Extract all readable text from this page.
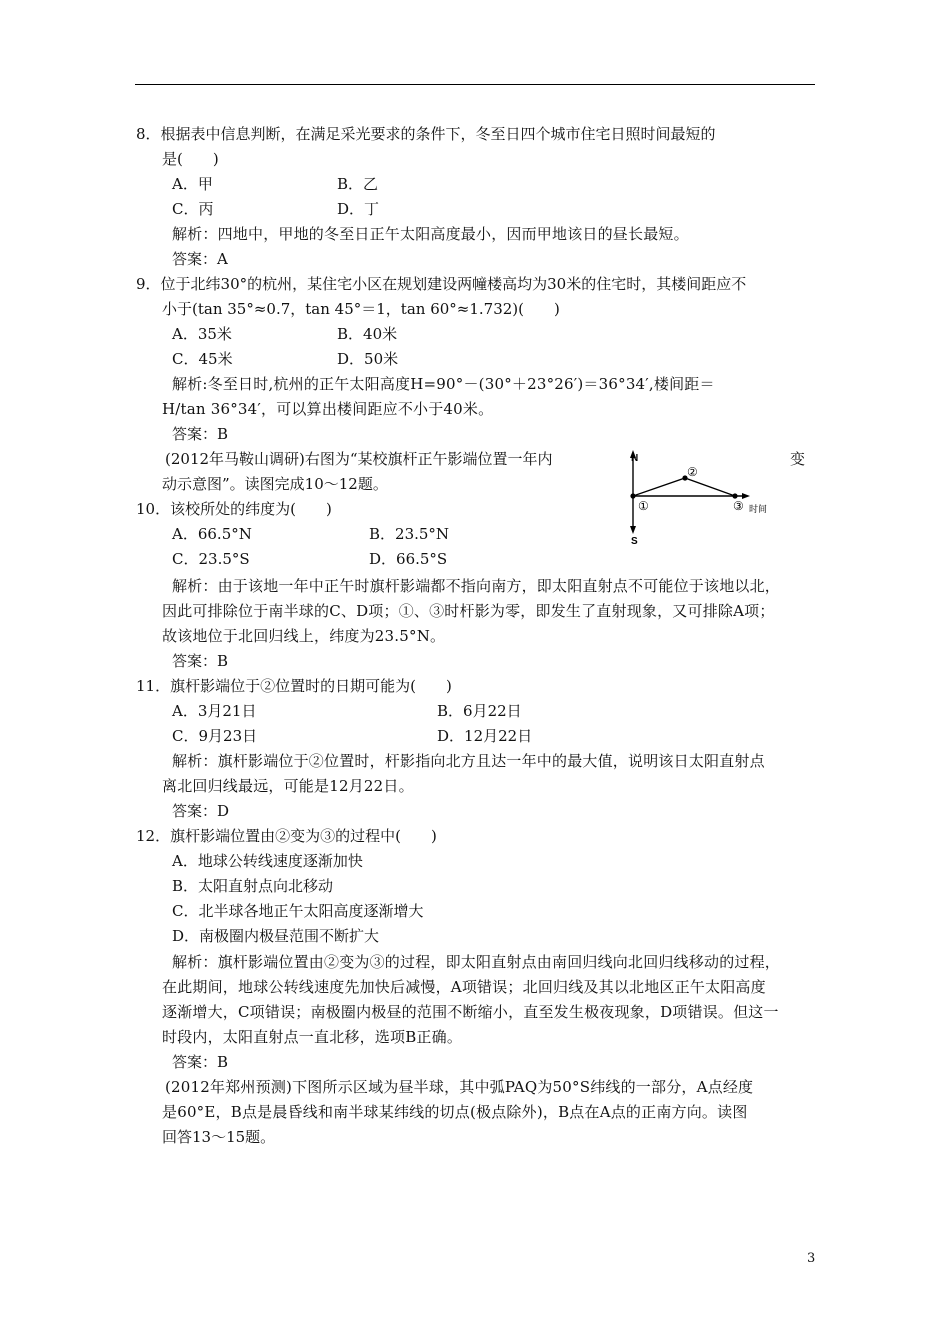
8．根据表中信息判断，在满足采光要求的条件下，冬至日四个城市住宅日照时间最短的
是(　　)
A．甲	B．乙
C．丙	D．丁
解析：四地中，甲地的冬至日正午太阳高度最小，因而甲地该日的昼长最短。
答案：A
9．位于北纬30°的杭州，某住宅小区在规划建设两幢楼高均为30米的住宅时，其楼间距应不
小于(tan 35°≈0.7，tan 45°＝1，tan 60°≈1.732)(　　)
A．35米	B．40米
C．45米	D．50米
解析:冬至日时,杭州的正午太阳高度H=90°－(30°＋23°26′)＝36°34′,楼间距＝
H/tan 36°34′，可以算出楼间距应不小于40米。
答案：B
(2012年马鞍山调研)右图为“某校旗杆正午影端位置一年内	变
动示意图”。读图完成10～12题。
N
S
①
②
③ 时间
10．该校所处的纬度为(　　)
A．66.5°N	B．23.5°N
C．23.5°S	D．66.5°S
解析：由于该地一年中正午时旗杆影端都不指向南方，即太阳直射点不可能位于该地以北，
因此可排除位于南半球的C、D项；①、③时杆影为零，即发生了直射现象，又可排除A项；
故该地位于北回归线上，纬度为23.5°N。
答案：B
11．旗杆影端位于②位置时的日期可能为(　　)
A．3月21日	B．6月22日
C．9月23日	D．12月22日
解析：旗杆影端位于②位置时，杆影指向北方且达一年中的最大值，说明该日太阳直射点
离北回归线最远，可能是12月22日。
答案：D
12．旗杆影端位置由②变为③的过程中(　　)
A．地球公转线速度逐渐加快
B．太阳直射点向北移动
C．北半球各地正午太阳高度逐渐增大
D．南极圈内极昼范围不断扩大
解析：旗杆影端位置由②变为③的过程，即太阳直射点由南回归线向北回归线移动的过程，
在此期间，地球公转线速度先加快后减慢，A项错误；北回归线及其以北地区正午太阳高度
逐渐增大，C项错误；南极圈内极昼的范围不断缩小，直至发生极夜现象，D项错误。但这一
时段内，太阳直射点一直北移，选项B正确。
答案：B
(2012年郑州预测)下图所示区域为昼半球，其中弧PAQ为50°S纬线的一部分，A点经度
是60°E，B点是晨昏线和南半球某纬线的切点(极点除外)，B点在A点的正南方向。读图
回答13～15题。
3
